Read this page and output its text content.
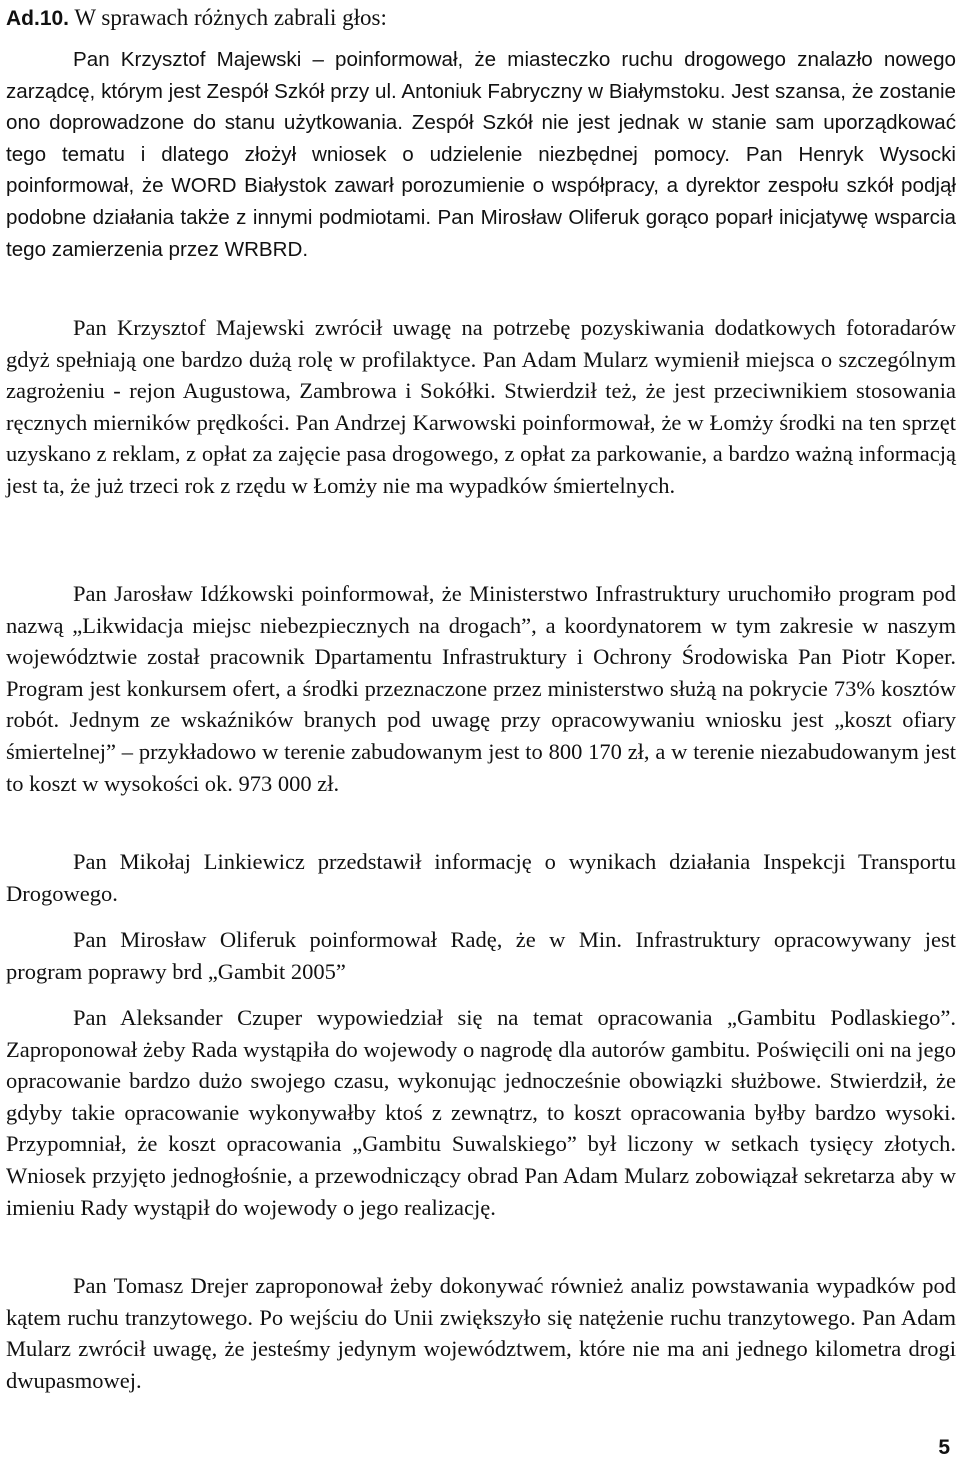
Ad.10. W sprawach różnych zabrali głos:

Pan Krzysztof Majewski – poinformował, że miasteczko ruchu drogowego znalazło nowego zarządcę, którym jest Zespół Szkół przy ul. Antoniuk Fabryczny w Białymstoku. Jest szansa, że zostanie ono doprowadzone do stanu użytkowania. Zespół Szkół nie jest jednak w stanie sam uporządkować tego tematu i dlatego złożył wniosek o udzielenie niezbędnej pomocy. Pan Henryk Wysocki poinformował, że WORD Białystok zawarł porozumienie o współpracy, a dyrektor zespołu szkół podjął podobne działania także z innymi podmiotami. Pan Mirosław Oliferuk gorąco poparł inicjatywę wsparcia tego zamierzenia przez WRBRD.

Pan Krzysztof Majewski zwrócił uwagę na potrzebę pozyskiwania dodatkowych fotoradarów gdyż spełniają one bardzo dużą rolę w profilaktyce. Pan Adam Mularz wymienił miejsca o szczególnym zagrożeniu - rejon Augustowa, Zambrowa i Sokółki. Stwierdził też, że jest przeciwnikiem stosowania ręcznych mierników prędkości. Pan Andrzej Karwowski poinformował, że w Łomży środki na ten sprzęt uzyskano z reklam, z opłat za zajęcie pasa drogowego, z opłat za parkowanie, a bardzo ważną informacją jest ta, że już trzeci rok z rzędu w Łomży nie ma wypadków śmiertelnych.

Pan Jarosław Idźkowski poinformował, że Ministerstwo Infrastruktury uruchomiło program pod nazwą „Likwidacja miejsc niebezpiecznych na drogach”, a koordynatorem w tym zakresie w naszym województwie został pracownik Dpartamentu Infrastruktury i Ochrony Środowiska Pan Piotr Koper. Program jest konkursem ofert, a środki przeznaczone przez ministerstwo służą na pokrycie 73% kosztów robót. Jednym ze wskaźników branych pod uwagę przy opracowywaniu wniosku jest „koszt ofiary śmiertelnej” – przykładowo w terenie zabudowanym jest to 800 170 zł, a w terenie niezabudowanym jest to koszt w wysokości ok. 973 000 zł.

Pan Mikołaj Linkiewicz przedstawił informację o wynikach działania Inspekcji Transportu Drogowego.

Pan Mirosław Oliferuk poinformował Radę, że w Min. Infrastruktury opracowywany jest program poprawy brd „Gambit 2005”

Pan Aleksander Czuper wypowiedział się na temat opracowania „Gambitu Podlaskiego”. Zaproponował żeby Rada wystąpiła do wojewody o nagrodę dla autorów gambitu. Poświęcili oni na jego opracowanie bardzo dużo swojego czasu, wykonując jednocześnie obowiązki służbowe. Stwierdził, że gdyby takie opracowanie wykonywałby ktoś z zewnątrz, to koszt opracowania byłby bardzo wysoki. Przypomniał, że koszt opracowania „Gambitu Suwalskiego” był liczony w setkach tysięcy złotych. Wniosek przyjęto jednogłośnie, a przewodniczący obrad Pan Adam Mularz zobowiązał sekretarza aby w imieniu Rady wystąpił do wojewody o jego realizację.

Pan Tomasz Drejer zaproponował żeby dokonywać również analiz powstawania wypadków pod kątem ruchu tranzytowego. Po wejściu do Unii zwiększyło się natężenie ruchu tranzytowego. Pan Adam Mularz zwrócił uwagę, że jesteśmy jedynym województwem, które nie ma ani jednego kilometra drogi dwupasmowej.

5
